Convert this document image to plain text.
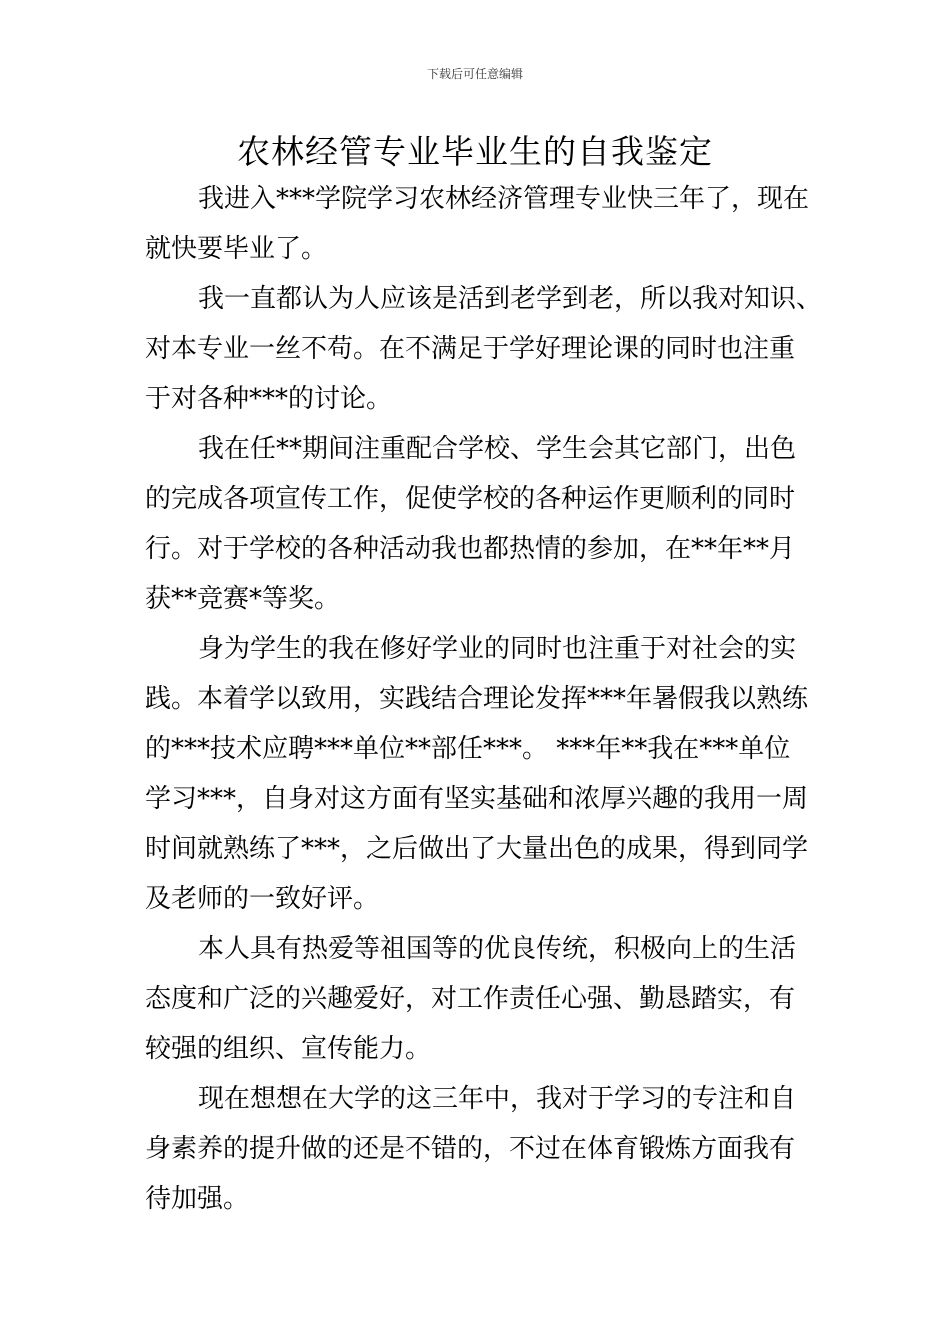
下载后可任意编辑
农林经管专业毕业生的自我鉴定
我进入***学院学习农林经济管理专业快三年了，现在
就快要毕业了。
我一直都认为人应该是活到老学到老，所以我对知识、
对本专业一丝不苟。在不满足于学好理论课的同时也注重
于对各种***的讨论。
我在任**期间注重配合学校、学生会其它部门，出色
的完成各项宣传工作，促使学校的各种运作更顺利的同时
行。对于学校的各种活动我也都热情的参加，在**年**月
获**竞赛*等奖。
身为学生的我在修好学业的同时也注重于对社会的实
践。本着学以致用，实践结合理论发挥***年暑假我以熟练
的***技术应聘***单位**部任***。 ***年**我在***单位
学习***，自身对这方面有坚实基础和浓厚兴趣的我用一周
时间就熟练了***，之后做出了大量出色的成果，得到同学
及老师的一致好评。
本人具有热爱等祖国等的优良传统，积极向上的生活
态度和广泛的兴趣爱好，对工作责任心强、勤恳踏实，有
较强的组织、宣传能力。
现在想想在大学的这三年中，我对于学习的专注和自
身素养的提升做的还是不错的，不过在体育锻炼方面我有
待加强。
